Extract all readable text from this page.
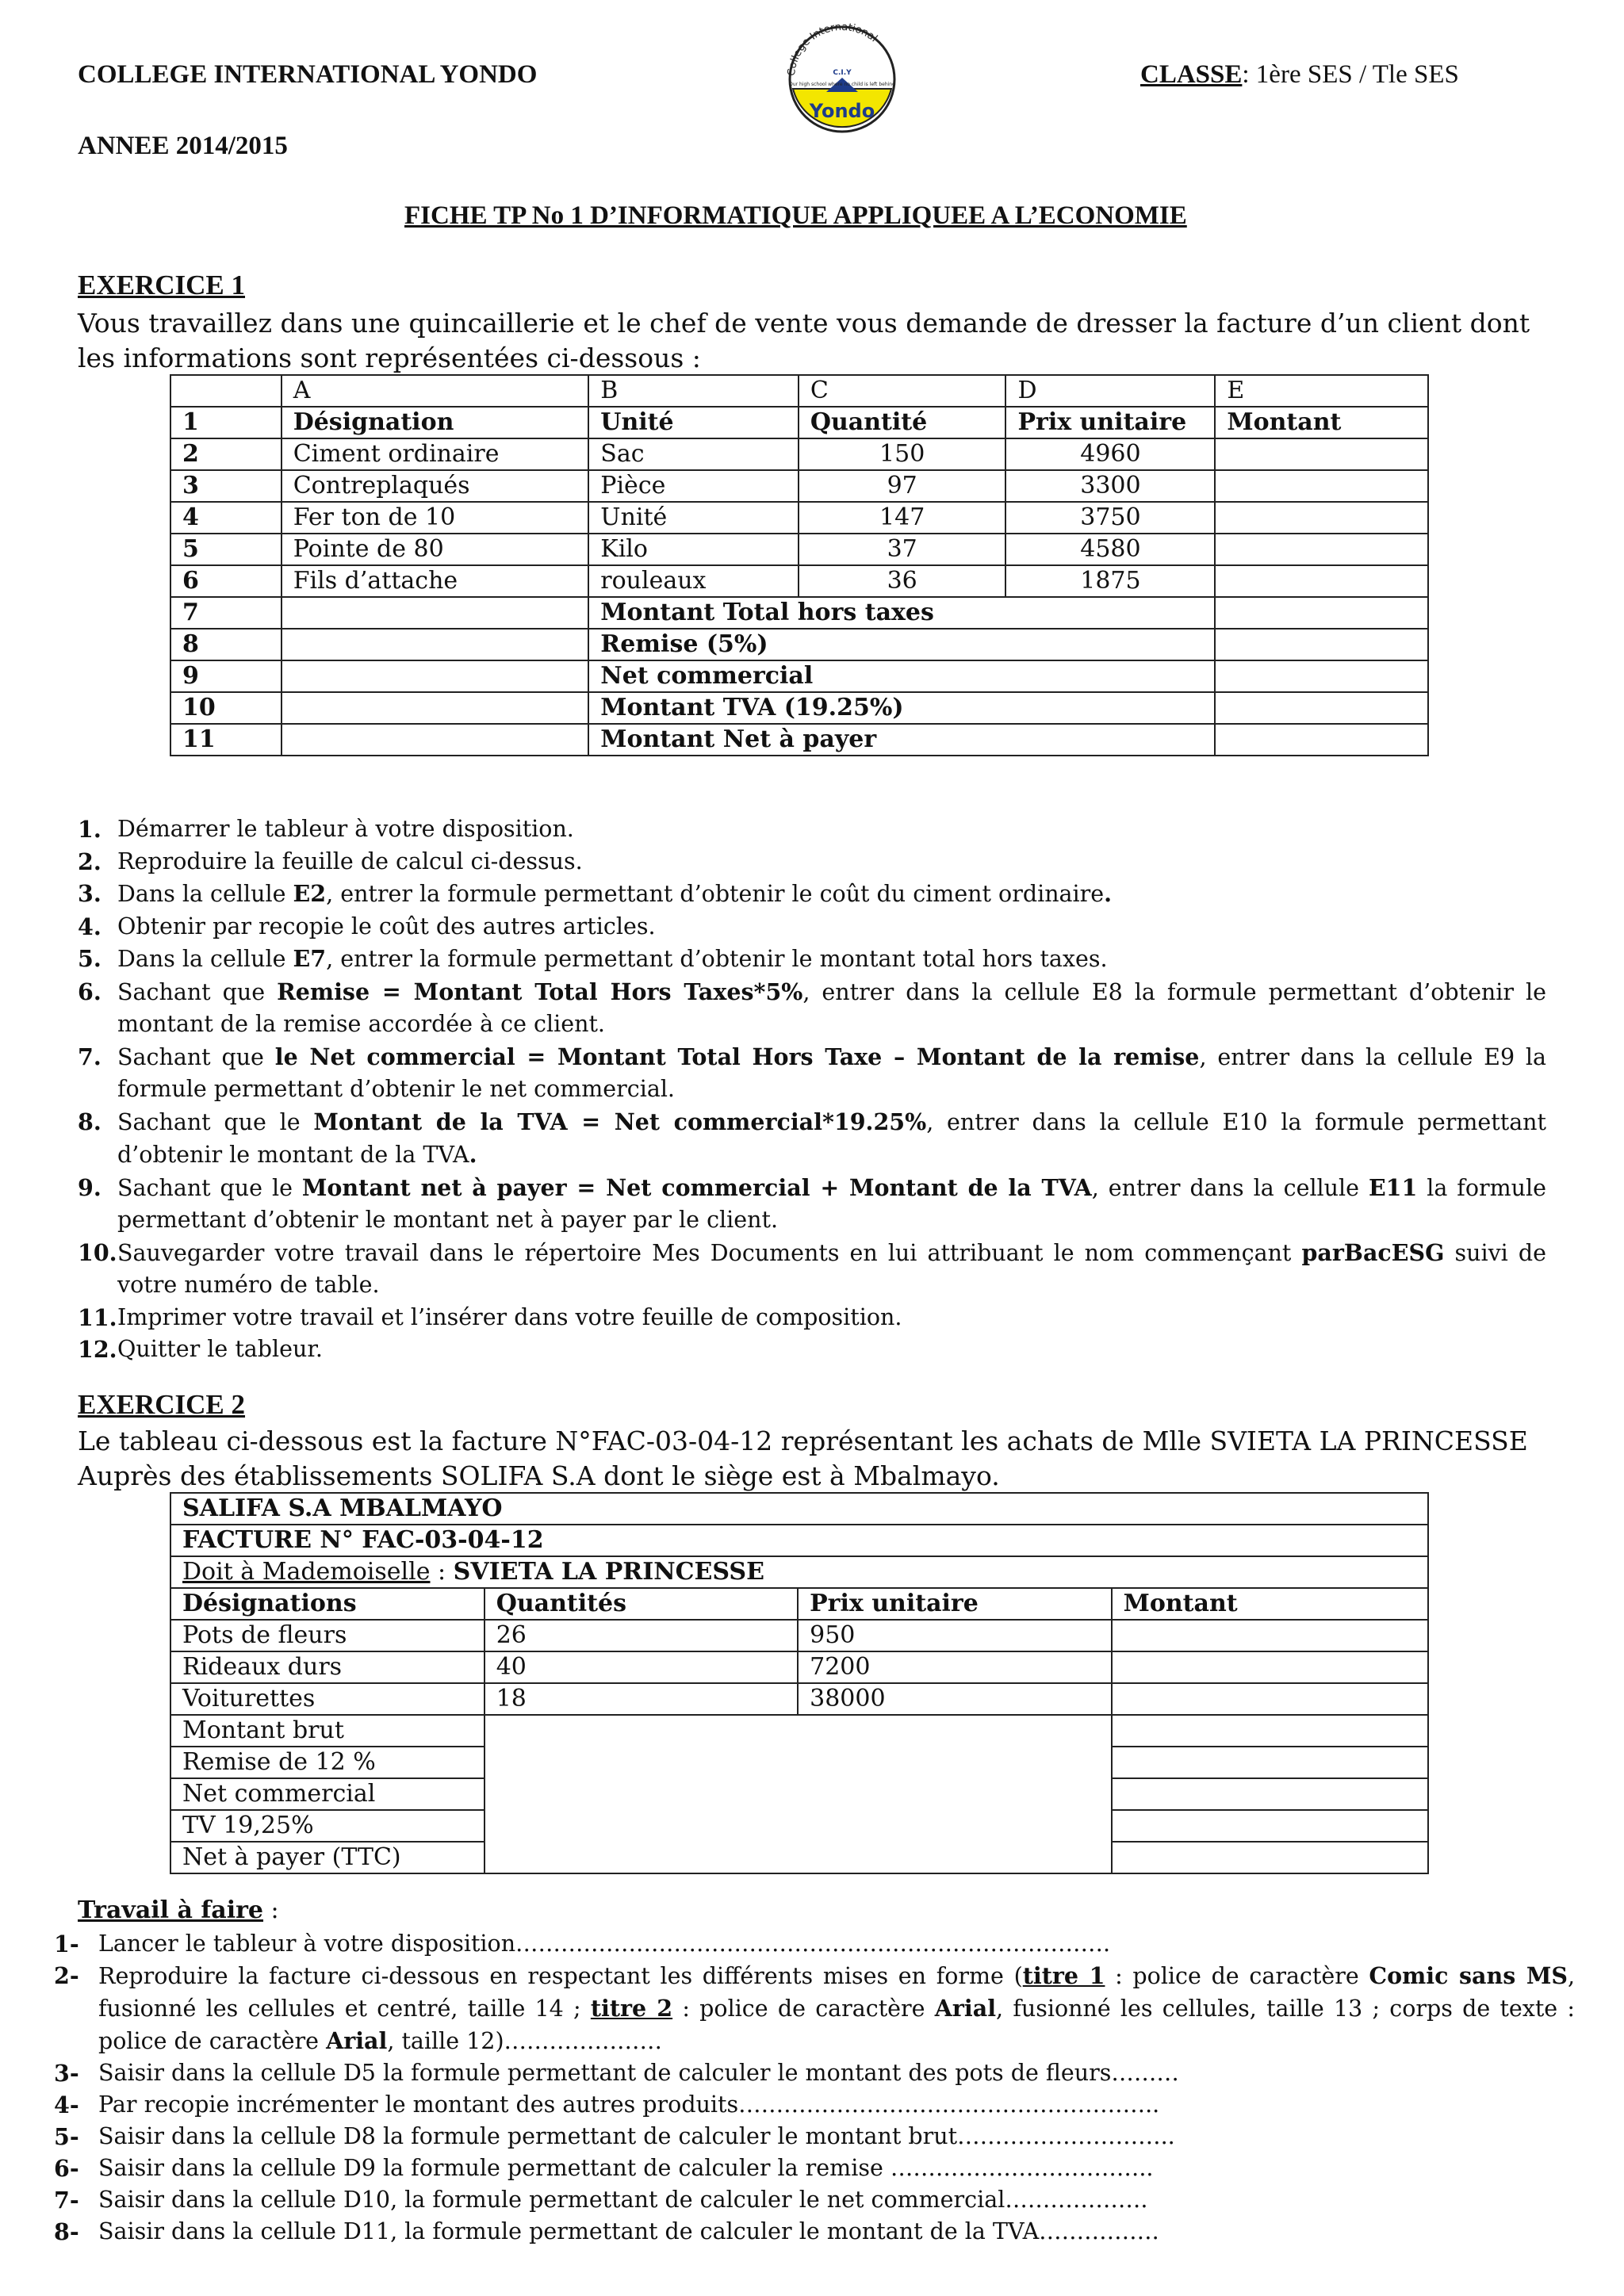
COLLEGE INTERNATIONAL YONDO
ANNEE 2014/2015
CLASSE: 1ère SES / Tle SES
College International
C.I.Y
Our high school where no child is left behind
Yondo
FICHE TP No 1 D’INFORMATIQUE APPLIQUEE A L’ECONOMIE
EXERCICE 1
Vous travaillez dans une quincaillerie et le chef de vente vous demande de dresser la facture d’un client dont les informations sont représentées ci-dessous :
	A	B	C	D	E
1	Désignation	Unité	Quantité	Prix unitaire	Montant
2	Ciment ordinaire	Sac	150	4960	
3	Contreplaqués	Pièce	97	3300	
4	Fer ton de 10	Unité	147	3750	
5	Pointe de 80	Kilo	37	4580	
6	Fils d’attache	rouleaux	36	1875	
7		Montant Total hors taxes			
8		Remise (5%)			
9		Net commercial			
10		Montant TVA (19.25%)			
11		Montant Net à payer			
1. Démarrer le tableur à votre disposition.
2. Reproduire la feuille de calcul ci-dessus.
3. Dans la cellule E2, entrer la formule permettant d’obtenir le coût du ciment ordinaire.
4. Obtenir par recopie le coût des autres articles.
5. Dans la cellule E7, entrer la formule permettant d’obtenir le montant total hors taxes.
6. Sachant que Remise = Montant Total Hors Taxes*5%, entrer dans la cellule E8 la formule permettant d’obtenir le montant de la remise accordée à ce client.
7. Sachant que le Net commercial = Montant Total Hors Taxe – Montant de la remise, entrer dans la cellule E9 la formule permettant d’obtenir le net commercial.
8. Sachant que le Montant de la TVA = Net commercial*19.25%, entrer dans la cellule E10 la formule permettant d’obtenir le montant de la TVA.
9. Sachant que le Montant net à payer = Net commercial + Montant de la TVA, entrer dans la cellule E11 la formule permettant d’obtenir le montant net à payer par le client.
10. Sauvegarder votre travail dans le répertoire Mes Documents en lui attribuant le nom commençant parBacESG suivi de votre numéro de table.
11. Imprimer votre travail et l’insérer dans votre feuille de composition.
12. Quitter le tableur.
EXERCICE 2
Le tableau ci-dessous est la facture N°FAC-03-04-12 représentant les achats de Mlle SVIETA LA PRINCESSE Auprès des établissements SOLIFA S.A dont le siège est à Mbalmayo.
SALIFA S.A MBALMAYO			
FACTURE N° FAC-03-04-12			
Doit à Mademoiselle : SVIETA LA PRINCESSE			
Désignations	Quantités	Prix unitaire	Montant
Pots de fleurs	26	950	
Rideaux durs	40	7200	
Voiturettes	18	38000	
Montant brut			
Remise de 12 %			
Net commercial			
TV 19,25%			
Net à payer (TTC)			
Travail à faire :
1- Lancer le tableur à votre disposition…………………………………………………………………….
2- Reproduire la facture ci-dessous en respectant les différents mises en forme (titre 1 : police de caractère Comic sans MS, fusionné les cellules et centré, taille 14 ; titre 2 : police de caractère Arial, fusionné les cellules, taille 13 ; corps de texte : police de caractère Arial, taille 12)…………………
3- Saisir dans la cellule D5 la formule permettant de calculer le montant des pots de fleurs………
4- Par recopie incrémenter le montant des autres produits………………………………………………..
5- Saisir dans la cellule D8 la formule permettant de calculer le montant brut………………………..
6- Saisir dans la cellule D9 la formule permettant de calculer la remise ……………………………..
7- Saisir dans la cellule D10, la formule permettant de calculer le net commercial……………….
8- Saisir dans la cellule D11, la formule permettant de calculer le montant de la TVA…………….
